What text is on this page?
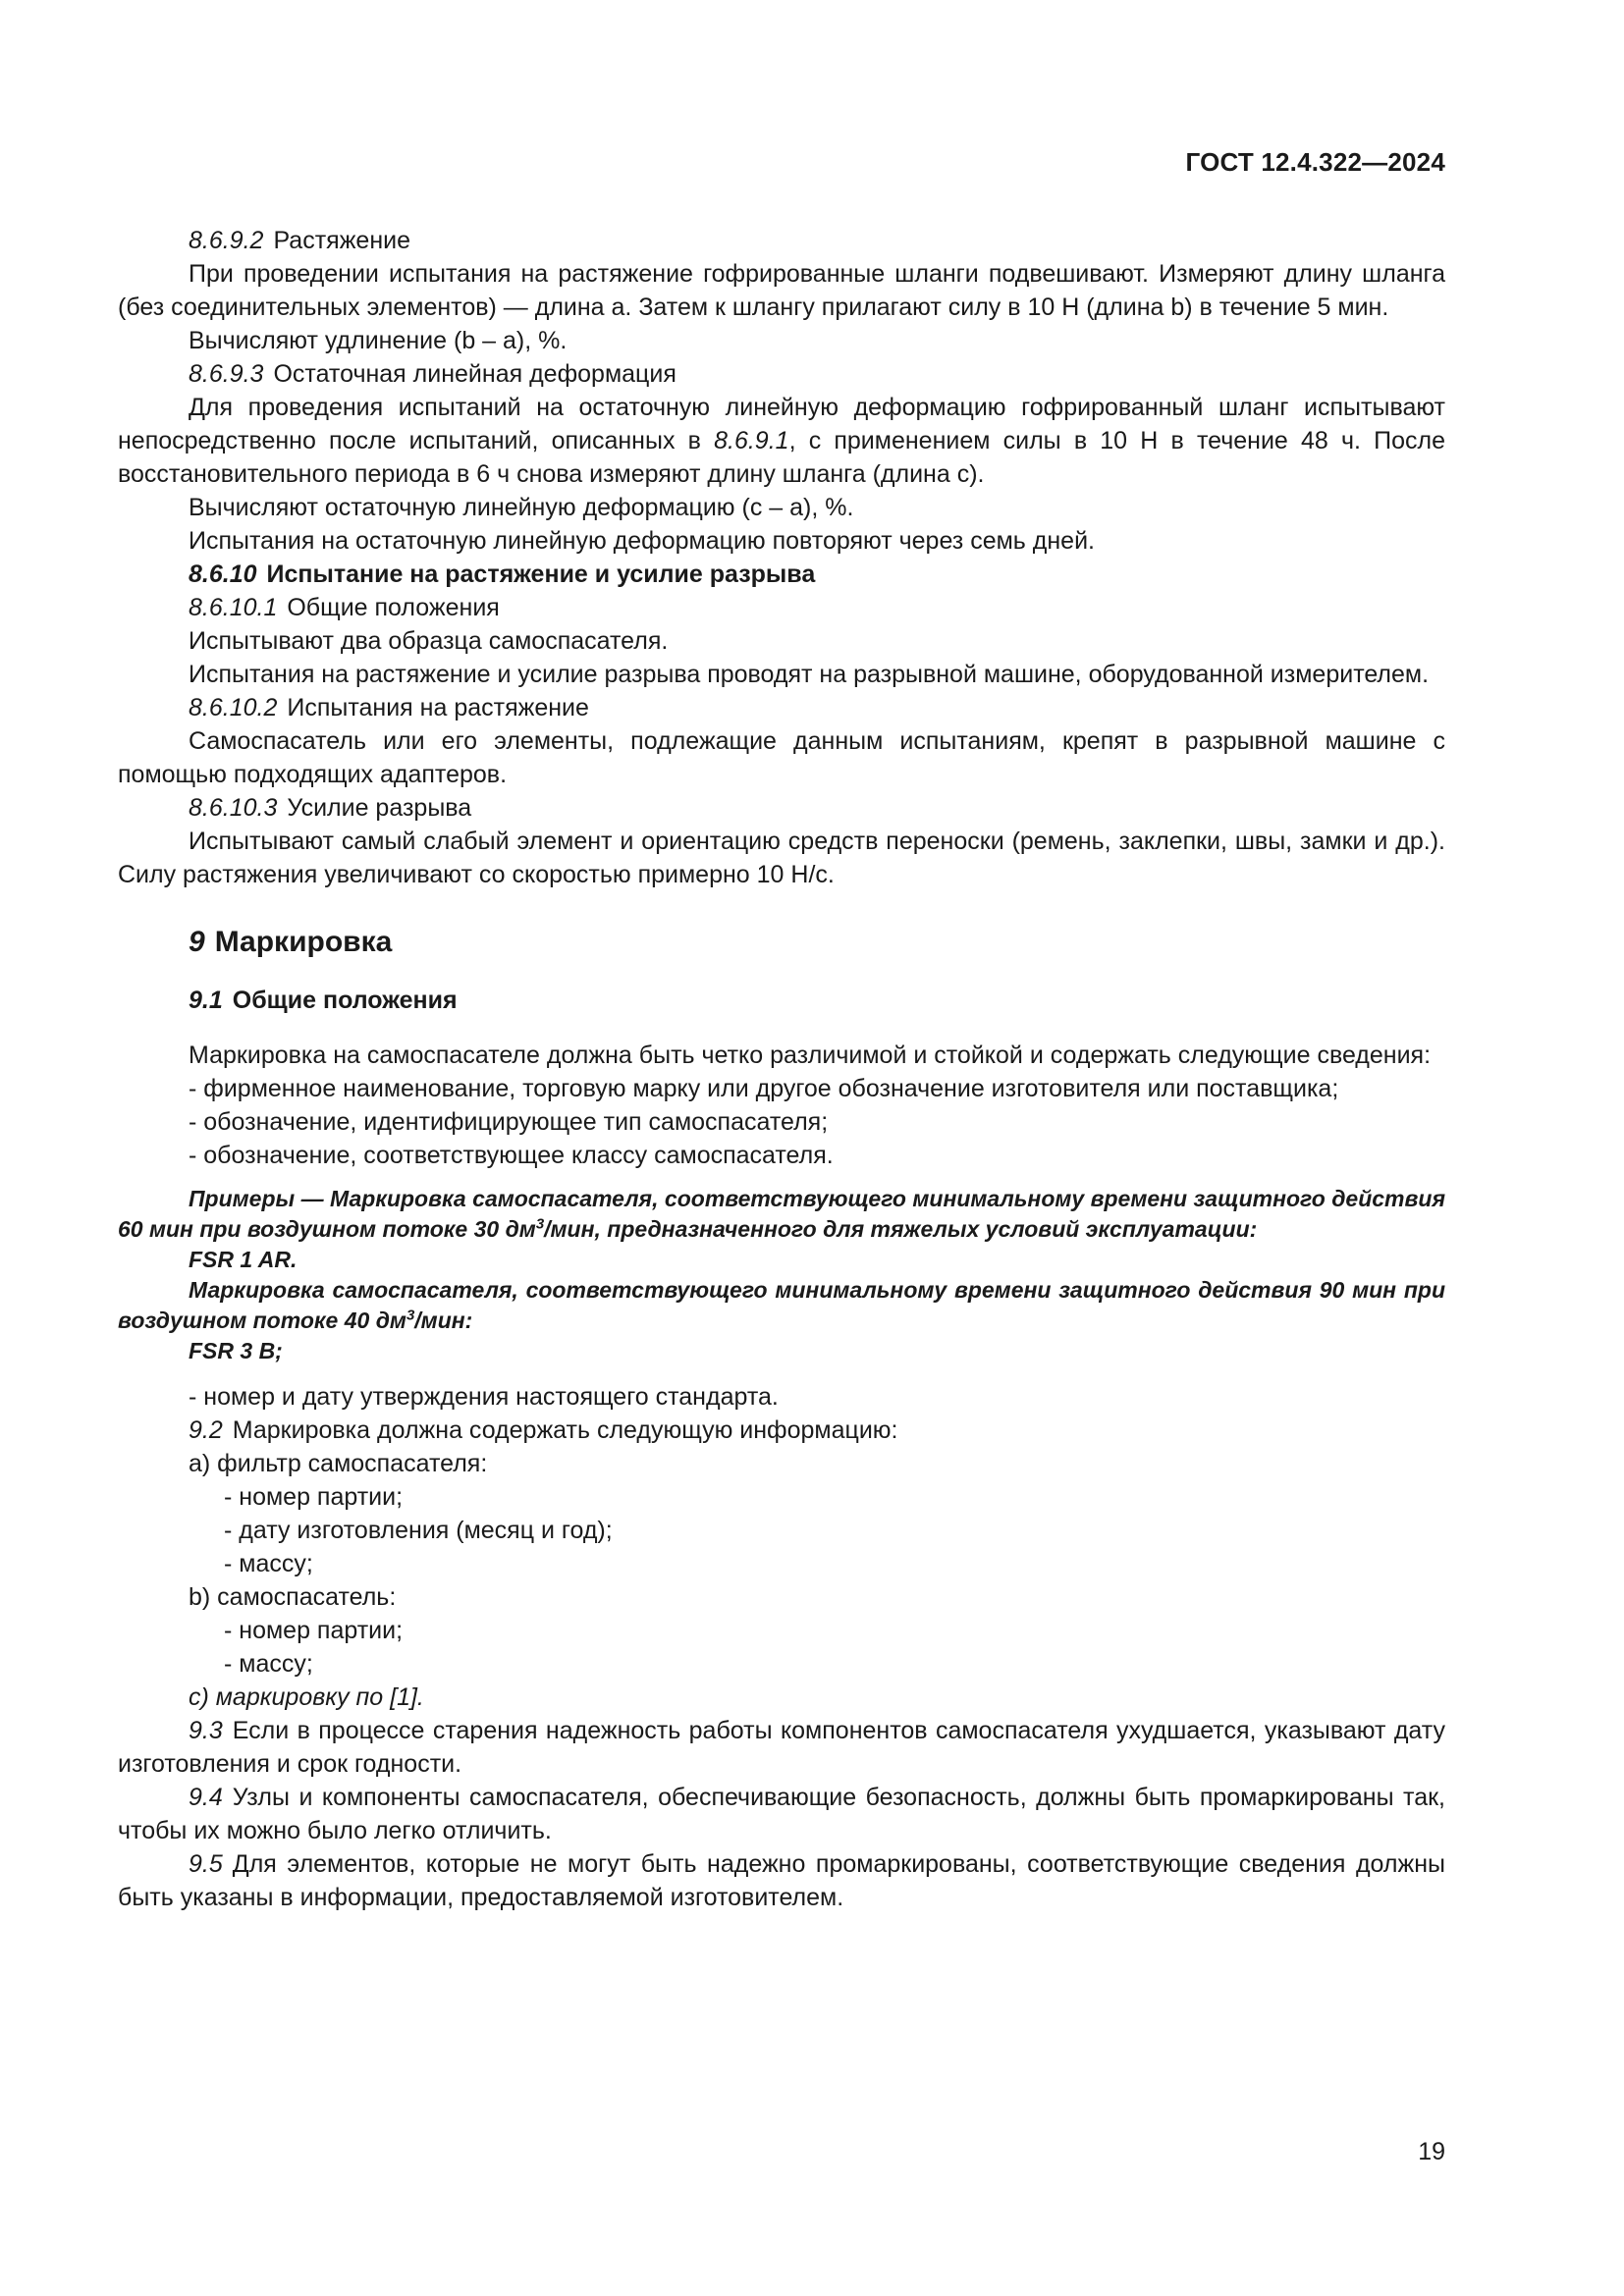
ГОСТ 12.4.322—2024

8.6.9.2 Растяжение

При проведении испытания на растяжение гофрированные шланги подвешивают. Измеряют длину шланга (без соединительных элементов) — длина a. Затем к шлангу прилагают силу в 10 Н (длина b) в течение 5 мин.

Вычисляют удлинение (b – a), %.

8.6.9.3 Остаточная линейная деформация

Для проведения испытаний на остаточную линейную деформацию гофрированный шланг испытывают непосредственно после испытаний, описанных в 8.6.9.1, с применением силы в 10 Н в течение 48 ч. После восстановительного периода в 6 ч снова измеряют длину шланга (длина c).

Вычисляют остаточную линейную деформацию (c – a), %.

Испытания на остаточную линейную деформацию повторяют через семь дней.

8.6.10 Испытание на растяжение и усилие разрыва

8.6.10.1 Общие положения

Испытывают два образца самоспасателя.

Испытания на растяжение и усилие разрыва проводят на разрывной машине, оборудованной измерителем.

8.6.10.2 Испытания на растяжение

Самоспасатель или его элементы, подлежащие данным испытаниям, крепят в разрывной машине с помощью подходящих адаптеров.

8.6.10.3 Усилие разрыва

Испытывают самый слабый элемент и ориентацию средств переноски (ремень, заклепки, швы, замки и др.). Силу растяжения увеличивают со скоростью примерно 10 Н/с.

9 Маркировка
9.1 Общие положения

Маркировка на самоспасателе должна быть четко различимой и стойкой и содержать следующие сведения:

- фирменное наименование, торговую марку или другое обозначение изготовителя или поставщика;

- обозначение, идентифицирующее тип самоспасателя;

- обозначение, соответствующее классу самоспасателя.

Примеры — Маркировка самоспасателя, соответствующего минимальному времени защитного действия 60 мин при воздушном потоке 30 $дм^3$/мин, предназначенного для тяжелых условий эксплуатации:

FSR 1 AR.

Маркировка самоспасателя, соответствующего минимальному времени защитного действия 90 мин при воздушном потоке 40 $дм^3$/мин:

FSR 3 B;

- номер и дату утверждения настоящего стандарта.

9.2 Маркировка должна содержать следующую информацию:

a) фильтр самоспасателя:

- номер партии;

- дату изготовления (месяц и год);

- массу;

b) самоспасатель:

- номер партии;

- массу;

c) маркировку по [1].

9.3 Если в процессе старения надежность работы компонентов самоспасателя ухудшается, указывают дату изготовления и срок годности.

9.4 Узлы и компоненты самоспасателя, обеспечивающие безопасность, должны быть промаркированы так, чтобы их можно было легко отличить.

9.5 Для элементов, которые не могут быть надежно промаркированы, соответствующие сведения должны быть указаны в информации, предоставляемой изготовителем.

19
